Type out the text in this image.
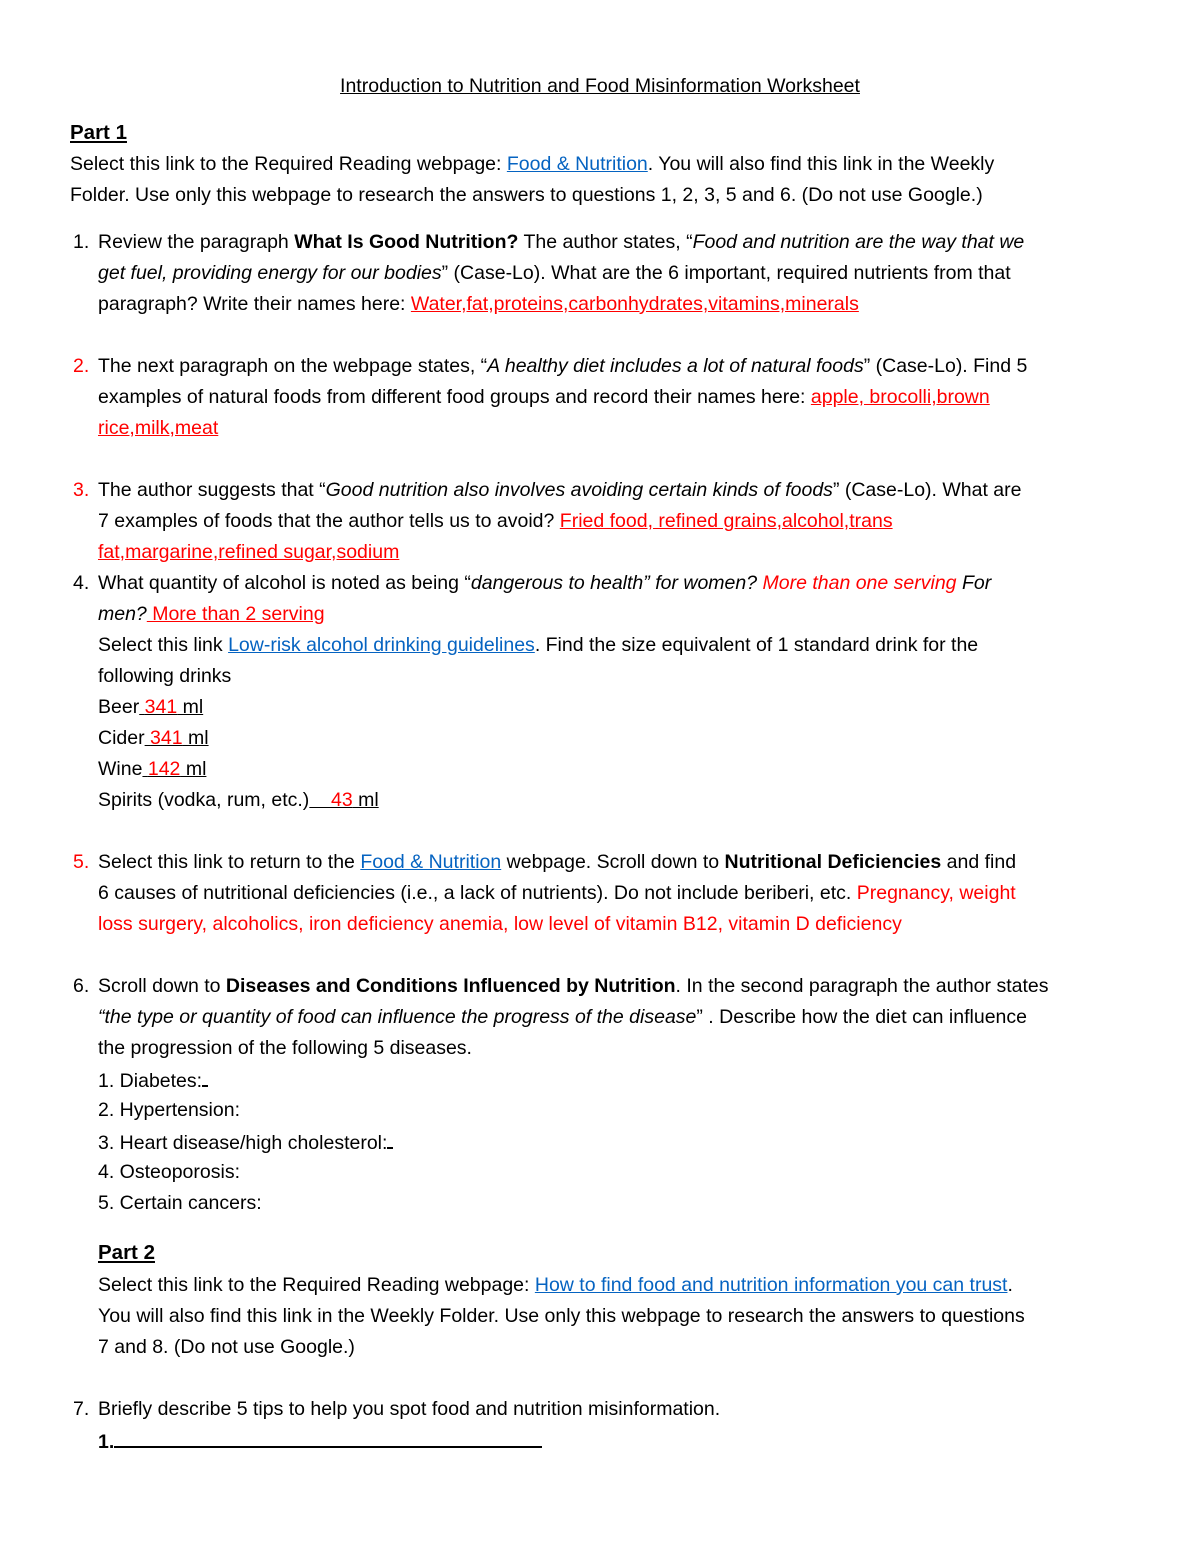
Introduction to Nutrition and Food Misinformation Worksheet
Part 1
Select this link to the Required Reading webpage: Food & Nutrition. You will also find this link in the Weekly
Folder. Use only this webpage to research the answers to questions 1, 2, 3, 5 and 6. (Do not use Google.)
1. Review the paragraph What Is Good Nutrition? The author states, “Food and nutrition are the way that we
get fuel, providing energy for our bodies” (Case-Lo). What are the 6 important, required nutrients from that
paragraph? Write their names here: Water,fat,proteins,carbonhydrates,vitamins,minerals
2. The next paragraph on the webpage states, “A healthy diet includes a lot of natural foods” (Case-Lo). Find 5
examples of natural foods from different food groups and record their names here: apple, brocolli,brown
rice,milk,meat
3. The author suggests that “Good nutrition also involves avoiding certain kinds of foods” (Case-Lo). What are
7 examples of foods that the author tells us to avoid? Fried food, refined grains,alcohol,trans
fat,margarine,refined sugar,sodium
4. What quantity of alcohol is noted as being “dangerous to health” for women? More than one serving For
men? More than 2 serving
Select this link Low-risk alcohol drinking guidelines. Find the size equivalent of 1 standard drink for the
following drinks
Beer 341 ml
Cider 341 ml
Wine 142 ml
Spirits (vodka, rum, etc.) 43 ml
5. Select this link to return to the Food & Nutrition webpage. Scroll down to Nutritional Deficiencies and find
6 causes of nutritional deficiencies (i.e., a lack of nutrients). Do not include beriberi, etc. Pregnancy, weight
loss surgery, alcoholics, iron deficiency anemia, low level of vitamin B12, vitamin D deficiency
6. Scroll down to Diseases and Conditions Influenced by Nutrition. In the second paragraph the author states
“the type or quantity of food can influence the progress of the disease” . Describe how the diet can influence
the progression of the following 5 diseases.
1. Diabetes:
2. Hypertension:
3. Heart disease/high cholesterol:
4. Osteoporosis:
5. Certain cancers:
Part 2
Select this link to the Required Reading webpage: How to find food and nutrition information you can trust.
You will also find this link in the Weekly Folder. Use only this webpage to research the answers to questions
7 and 8. (Do not use Google.)
7. Briefly describe 5 tips to help you spot food and nutrition misinformation.
1.
